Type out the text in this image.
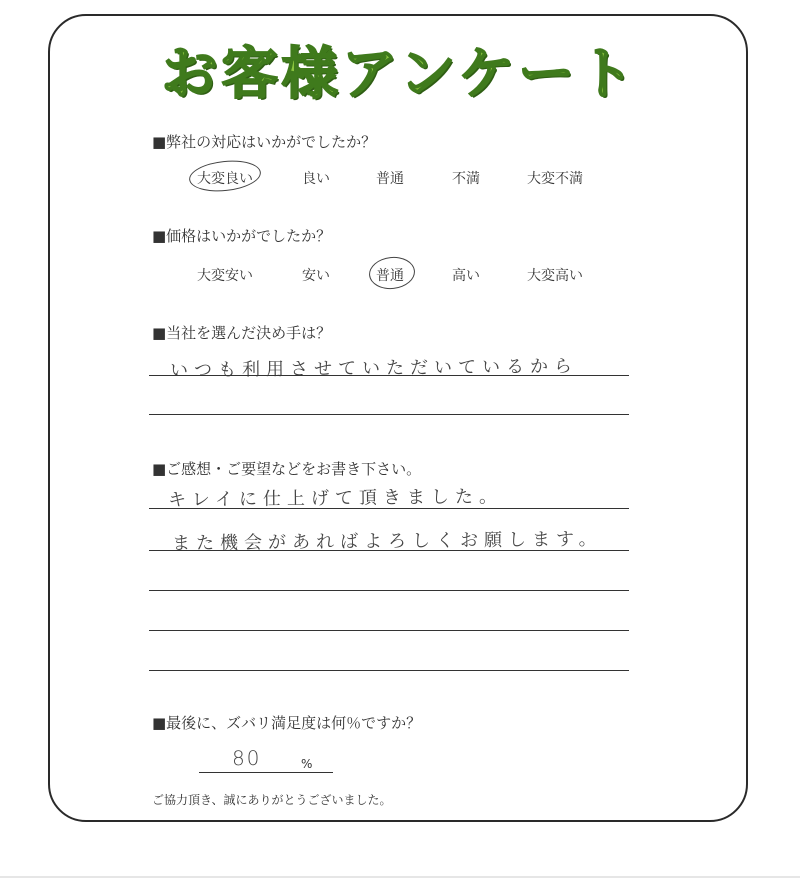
お客様アンケート
■弊社の対応はいかがでしたか？
大変良い	良い	普通	不満	大変不満
■価格はいかがでしたか？
大変安い	安い	普通	高い	大変高い
■当社を選んだ決め手は？
いつも利用させていただいているから
■ご感想・ご要望などをお書き下さい。
キレイに仕上げて頂きました。
また機会があればよろしくお願します。
■最後に、ズバリ満足度は何％ですか？
80	%
ご協力頂き、誠にありがとうございました。
